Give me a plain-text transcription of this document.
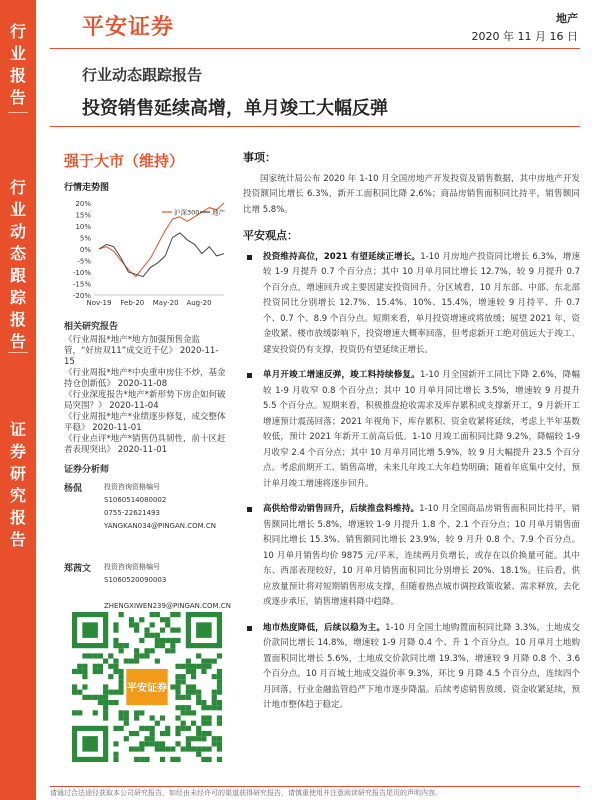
行
业
报
告
行
业
动
态
跟
踪
报
告
证
券
研
究
报
告
平安证券	地产
2020 年 11 月 16 日
行业动态跟踪报告
投资销售延续高增，单月竣工大幅反弹
强于大市（维持）
行情走势图
20%
15%
10%
5%
0%
-5%
-10%
-15%
-20%
Nov-19 Feb-20 May-20 Aug-20
沪深300 地产
相关研究报告
《行业周报*地产*地方加强预售金监管，“好房双11”成交近千亿》 2020-11-15
《行业周报*地产*中央重申房住不炒，基金持仓创新低》 2020-11-08
《行业深度报告*地产*新形势下房企如何破局突围？》 2020-11-04
《行业周报*地产*业绩逐步修复，成交整体平稳》 2020-11-01
《行业点评*地产*销售仍具韧性，前十区赶者表现突出》 2020-11-01
证券分析师
杨侃	投资咨询资格编号
S1060514080002
0755-22621493
YANGKAN034@PINGAN.COM.CN
郑茜文 投资咨询资格编号
S1060520090003
ZHENGXIWEN239@PINGAN.COM.CN
平安证券
事项：

国家统计局公布 2020 年 1-10 月全国房地产开发投资及销售数据，其中房地产开发投资额同比增长 6.3%，新开工面积同比降 2.6%；商品房销售面积同比持平，销售额同比增 5.8%。

平安观点：
投资维持高位，2021 有望延续正增长。1-10 月房地产投资同比增长 6.3%，增速较 1-9 月提升 0.7 个百分点；其中 10 月单月同比增长 12.7%，较 9 月提升 0.7 个百分点，增速回升或主要因建安投资回升。分区域看，10 月东部、中部、东北部投资同比分别增长 12.7%、15.4%、10%、15.4%，增速较 9 月持平、升 0.7 个、0.7 个、8.9 个百分点。短期来看，单月投资增速或将放缓；展望 2021 年，资金收紧、楼市放缓影响下，投资增速大概率回落，但考虑新开工绝对值远大于竣工、建安投资仍有支撑，投资仍有望延续正增长。
单月开竣工增速反弹，竣工料持续修复。1-10 月全国新开工同比下降 2.6%，降幅较 1-9 月收窄 0.8 个百分点；其中 10 月单月同比增长 3.5%，增速较 9 月提升 5.5 个百分点。短期来看，积极推盘抢收需求及库存累积或支撑新开工，9 月新开工增速预计震荡回落；2021 年视角下，库存累积、资金收紧将延续，考虑上半年基数较低，预计 2021 年新开工前高后低。1-10 月竣工面积同比降 9.2%，降幅较 1-9 月收窄 2.4 个百分点；其中 10 月单月同比增 5.9%，较 9 月大幅提升 23.5 个百分点。考虑前期开工、销售高增，未来几年竣工大年趋势明确；随着年底集中交付，预计单月竣工增速将逐步回升。
高供给带动销售回升，后续推盘料维持。1-10 月全国商品房销售面积同比持平，销售额同比增长 5.8%，增速较 1-9 月提升 1.8 个、2.1 个百分点；10 月单月销售面积同比增长 15.3%、销售额同比增长 23.9%，较 9 月升 0.8 个、7.9 个百分点。10 月单月销售均价 9875 元/平米，连续两月负增长，或存在以价换量可能。其中东、西部表现较好，10 月单月销售面积同比分别增长 20%、18.1%。往后看，供应放量预计将对短期销售形成支撑，但随着热点城市调控政策收紧、需求释放，去化或逐步承压，销售增速料降中趋降。
地市热度降低，后续以稳为主。1-10 月全国土地购置面积同比降 3.3%，土地成交价款同比增长 14.8%，增速较 1-9 月降 0.4 个、升 1 个百分点。10 月单月土地购置面积同比增长 5.6%，土地成交价款同比增 19.3%，增速较 9 月降 0.8 个、3.6 个百分点。10 月百城土地成交溢价率 9.3%，环比 9 月降 4.5 个百分点，连续四个月回落，行业金融监管趋严下地市逐步降温。后续考虑销售放缓、资金收紧延续，预计地市整体趋于稳定。
请通过合法途径获取本公司研究报告，如经由未经许可的渠道获得研究报告，请慎重使用并注意阅读研究报告尾页的声明内容。
